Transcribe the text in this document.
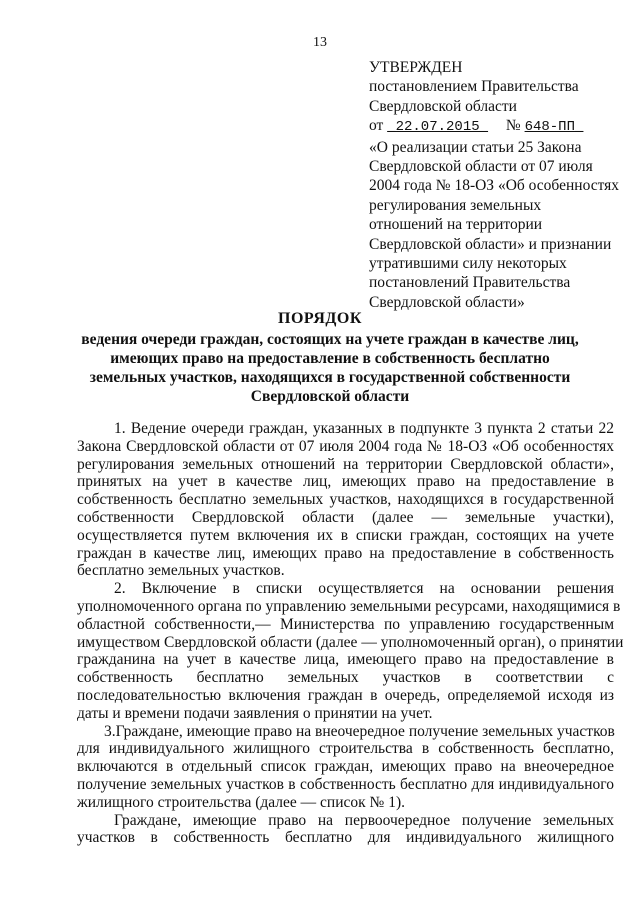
13
УТВЕРЖДЕН
постановлением Правительства
Свердловской области
от _22.07.2015_ № 648-ПП_
«О реализации статьи 25 Закона
Свердловской области от 07 июля
2004 года № 18-ОЗ «Об особенностях
регулирования земельных
отношений на территории
Свердловской области» и признании
утратившими силу некоторых
постановлений Правительства
Свердловской области»
ПОРЯДОК
ведения очереди граждан, состоящих на учете граждан в качестве лиц,
имеющих право на предоставление в собственность бесплатно
земельных участков, находящихся в государственной собственности
Свердловской области
1. Ведение очереди граждан, указанных в подпункте 3 пункта 2 статьи 22
Закона Свердловской области от 07 июля 2004 года № 18-ОЗ «Об особенностях
регулирования земельных отношений на территории Свердловской области»,
принятых на учет в качестве лиц, имеющих право на предоставление в
собственность бесплатно земельных участков, находящихся в государственной
собственности Свердловской области (далее — земельные участки),
осуществляется путем включения их в списки граждан, состоящих на учете
граждан в качестве лиц, имеющих право на предоставление в собственность
бесплатно земельных участков.
2. Включение в списки осуществляется на основании решения
уполномоченного органа по управлению земельными ресурсами, находящимися в
областной собственности,— Министерства по управлению государственным
имуществом Свердловской области (далее — уполномоченный орган), о принятии
гражданина на учет в качестве лица, имеющего право на предоставление в
собственность бесплатно земельных участков в соответствии с
последовательностью включения граждан в очередь, определяемой исходя из
даты и времени подачи заявления о принятии на учет.
3.Граждане, имеющие право на внеочередное получение земельных участков
для индивидуального жилищного строительства в собственность бесплатно,
включаются в отдельный список граждан, имеющих право на внеочередное
получение земельных участков в собственность бесплатно для индивидуального
жилищного строительства (далее — список № 1).
Граждане, имеющие право на первоочередное получение земельных
участков в собственность бесплатно для индивидуального жилищного
